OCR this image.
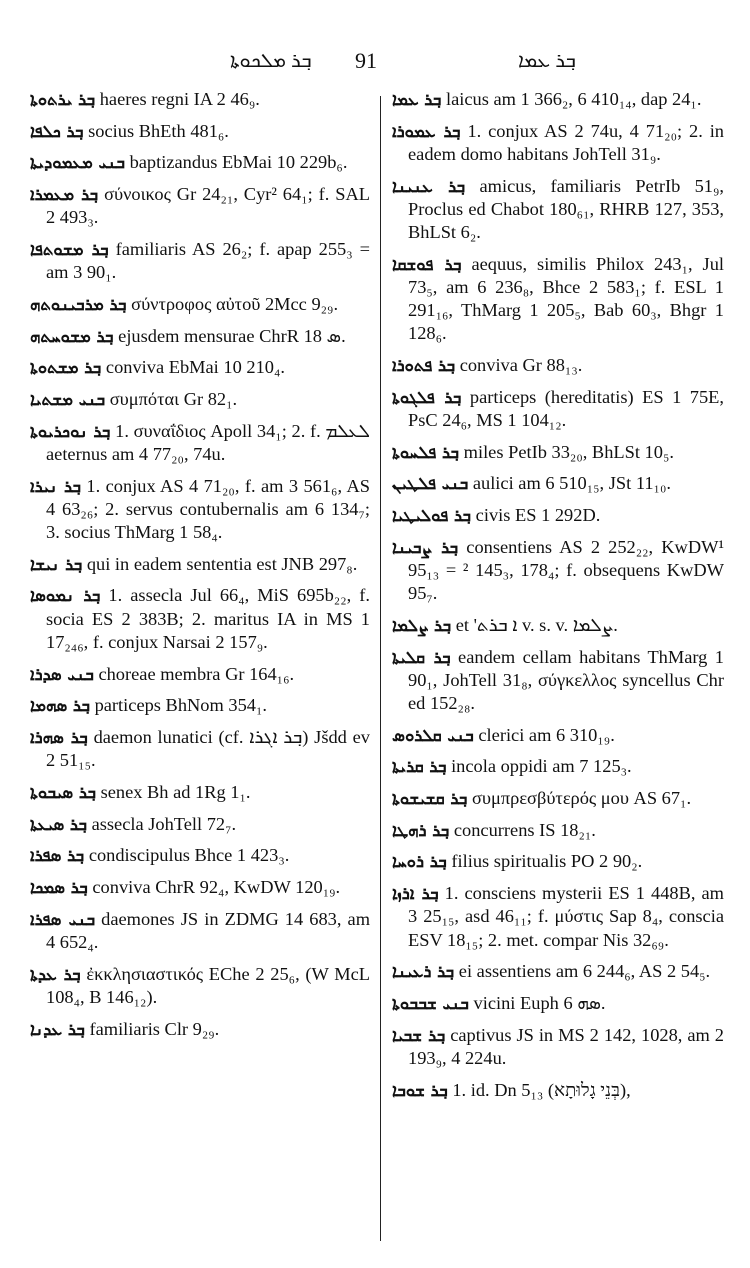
ܒ݂ܪ ܡܠܟܘܬܐ 91	ܒ݂ܪ ܥܡܐ

ܒ݂ܪ ܝܪܬܘܬܐ haeres regni IA 2 46₉.

ܒ݂ܪ ܟܠܦܐ socius BhEth 481₆.

ܒܢܝ ܡܥܡܘܕܝܬܐ baptizandus EbMai 10 229b₆.

ܒ݂ܪ ܡܥܡܪܐ σύνοικος Gr 24₂₁, Cyr² 64₁; f. SAL 2 493₃.

ܒ݂ܪ ܡܫܘܬܦܐ familiaris AS 26₂; f. apap 255₃ = am 3 90₁.

ܒ݂ܪ ܡܪܒܝܢܘܬܗ σύντροφος αὐτοῦ 2Mcc 9₂₉.

ܒ݂ܪ ܡܫܘܚܬܗ ejusdem mensurae ChrR ܣ 18.

ܒ݂ܪ ܡܫܬܘܬܐ conviva EbMai 10 210₄.

ܒܢܝ ܡܫܬܝܐ συμπόται Gr 82₁.

ܒ݂ܪ ܢܘܟܪܝܘܬܐ 1. συναΐδιος Apoll 34₁; 2. f. ܠܥܠܡ aeternus am 4 77₂₀, 74u.

ܒ݂ܪ ܢܝܪܐ 1. conjux AS 4 71₂₀, f. am 3 561₆, AS 4 63₂₆; 2. servus contubernalis am 6 134₇; 3. socius ThMarg 1 58₄.

ܒ݂ܪ ܢܝܫܐ qui in eadem sententia est JNB 297₈.

ܒ݂ܪ ܢܡܘܣܐ 1. assecla Jul 66₄, MiS 695b₂₂, f. socia ES 2 383B; 2. maritus IA in MS 1 17₂₄₆, f. conjux Narsai 2 157₉.

ܒܢܝ ܣܕܪܐ choreae membra Gr 164₁₆.

ܒ݂ܪ ܣܗܡܐ particeps BhNom 354₁.

ܒ݂ܪ ܣܗܪܐ daemon lunatici (cf. ܒ݂ܪ ܐܓܪܐ) Jšdd ev 2 51₁₅.

ܒ݂ܪ ܣܝܒܘܬܐ senex Bh ad 1Rg 1₁.

ܒ݂ܪ ܣܝܥܬܐ assecla JohTell 72₇.

ܒ݂ܪ ܣܦܪܐ condiscipulus Bhce 1 423₃.

ܒ݂ܪ ܣܡܟܐ conviva ChrR 92₄, KwDW 120₁₉.

ܒܢܝ ܣܦܪܐ daemones JS in ZDMG 14 683, am 4 652₄.

ܒ݂ܪ ܥܕܬܐ ἐκκλησιαστικός EChe 2 25₆, (W McL 108₄, B 146₁₂).

ܒ݂ܪ ܥܕܢܐ familiaris Clr 9₂₉.

ܒ݂ܪ ܥܡܐ laicus am 1 366₂, 6 410₁₄, dap 24₁.

ܒ݂ܪ ܥܡܘܪܐ 1. conjux AS 2 74u, 4 71₂₀; 2. in eadem domo habitans JohTell 31₉.

ܒ݂ܪ ܥܢܝܢܐ amicus, familiaris PetrIb 51₉, Proclus ed Chabot 180₆₁, RHRB 127, 353, BhLSt 6₂.

ܒ݂ܪ ܦܘܫܩܐ aequus, similis Philox 243₁, Jul 73₅, am 6 236₈, Bhce 2 583₁; f. ESL 1 291₁₆, ThMarg 1 205₅, Bab 60₃, Bhgr 1 128₆.

ܒ݂ܪ ܦܬܘܪܐ conviva Gr 88₁₃.

ܒ݂ܪ ܦܠܓܘܬܐ particeps (hereditatis) ES 1 75E, PsC 24₆, MS 1 104₁₂.

ܒ݂ܪ ܦܠܚܘܬܐ miles PetIb 33₂₀, BhLSt 10₅.

ܒܢܝ ܦܠܛܝܢ aulici am 6 510₁₅, JSt 11₁₀.

ܒ݂ܪ ܦܘܠܝܛܝܐ civis ES 1 292D.

ܒ݂ܪ ܨܒܝܢܐ consentiens AS 2 252₂₂, KwDW¹ 95₁₃ = ² 145₃, 178₄; f. obsequens KwDW 95₇.

ܒ݂ܪ ܨܠܡܐ et 'ܐ ܒܪܬ v. s. v. ܨܠܡܐ.

ܒ݂ܪ ܩܠܝܬܐ eandem cellam habitans ThMarg 1 90₁, JohTell 31₈, σύγκελλος syncellus Chr ed 152₂₈.

ܒܢܝ ܩܠܪܘܣ clerici am 6 310₁₉.

ܒ݂ܪ ܩܪܝܬܐ incola oppidi am 7 125₃.

ܒ݂ܪ ܩܫܝܫܘܬܐ συμπρεσβύτερός μου AS 67₁.

ܒ݂ܪ ܪܗܛܐ concurrens IS 18₂₁.

ܒ݂ܪ ܪܘܚܐ filius spiritualis PO 2 90₂.

ܒ݂ܪ ܐܪܙܐ 1. consciens mysterii ES 1 448B, am 3 25₁₅, asd 46₁₁; f. μύστις Sap 8₄, conscia ESV 18₁₅; 2. met. compar Nis 32₆₉.

ܒ݂ܪ ܪܥܝܢܐ ei assentiens am 6 244₆, AS 2 54₅.

ܒܢܝ ܫܒܒܘܬܐ vicini Euph ܣܗ 6.

ܒ݂ܪ ܫܒܝܐ captivus JS in MS 2 142, 1028, am 2 193₉, 4 224u.

ܒ݂ܪ ܫܘܒܐ 1. id. Dn 5₁₃ (בְּנֵי גָלוּתָא),
